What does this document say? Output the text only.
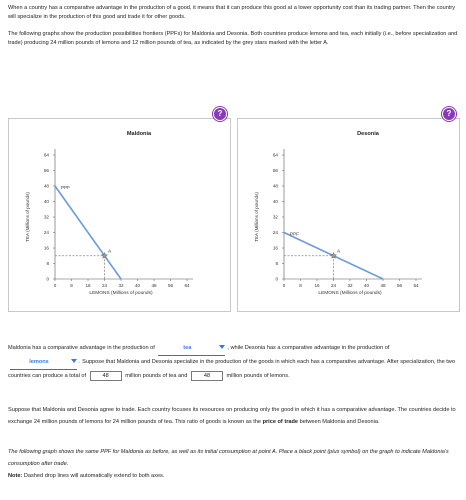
When a country has a comparative advantage in the production of a good, it means that it can produce this good at a lower opportunity cost than its trading partner. Then the country will specialize in the production of this good and trade it for other goods.
The following graphs show the production possibilities frontiers (PPFs) for Maldonia and Desonia. Both countries produce lemons and tea, each initially (i.e., before specialization and trade) producing 24 million pounds of lemons and 12 million pounds of tea, as indicated by the grey stars marked with the letter A.
?
Maldonia
0
8
16
24
32
40
48
56
64
0	8	16 24 32 40 48 56 64
LEMONS (Millions of pounds)
TEA (Millions of pounds)
PPF
A
?
Desonia
0
8
16
24
32
40
48
56
64
0	8	16 24 32 40 48 56 64
LEMONS (Millions of pounds)
TEA (Millions of pounds)	PPF
A
Maldonia has a comparative advantage in the production of	tea	, while Desonia has a comparative advantage in the production of lemons	. Suppose that Maldonia and Desonia specialize in the production of the goods in which each has a comparative advantage. After specialization, the two countries can produce a total of	48	million pounds of tea and	48	million pounds of lemons.
Suppose that Maldonia and Desonia agree to trade. Each country focuses its resources on producing only the good in which it has a comparative advantage. The countries decide to exchange 24 million pounds of lemons for 24 million pounds of tea. This ratio of goods is known as the price of trade between Maldonia and Desonia.
The following graph shows the same PPF for Maldonia as before, as well as its initial consumption at point A. Place a black point (plus symbol) on the graph to indicate Maldonia's consumption after trade.
Note: Dashed drop lines will automatically extend to both axes.
